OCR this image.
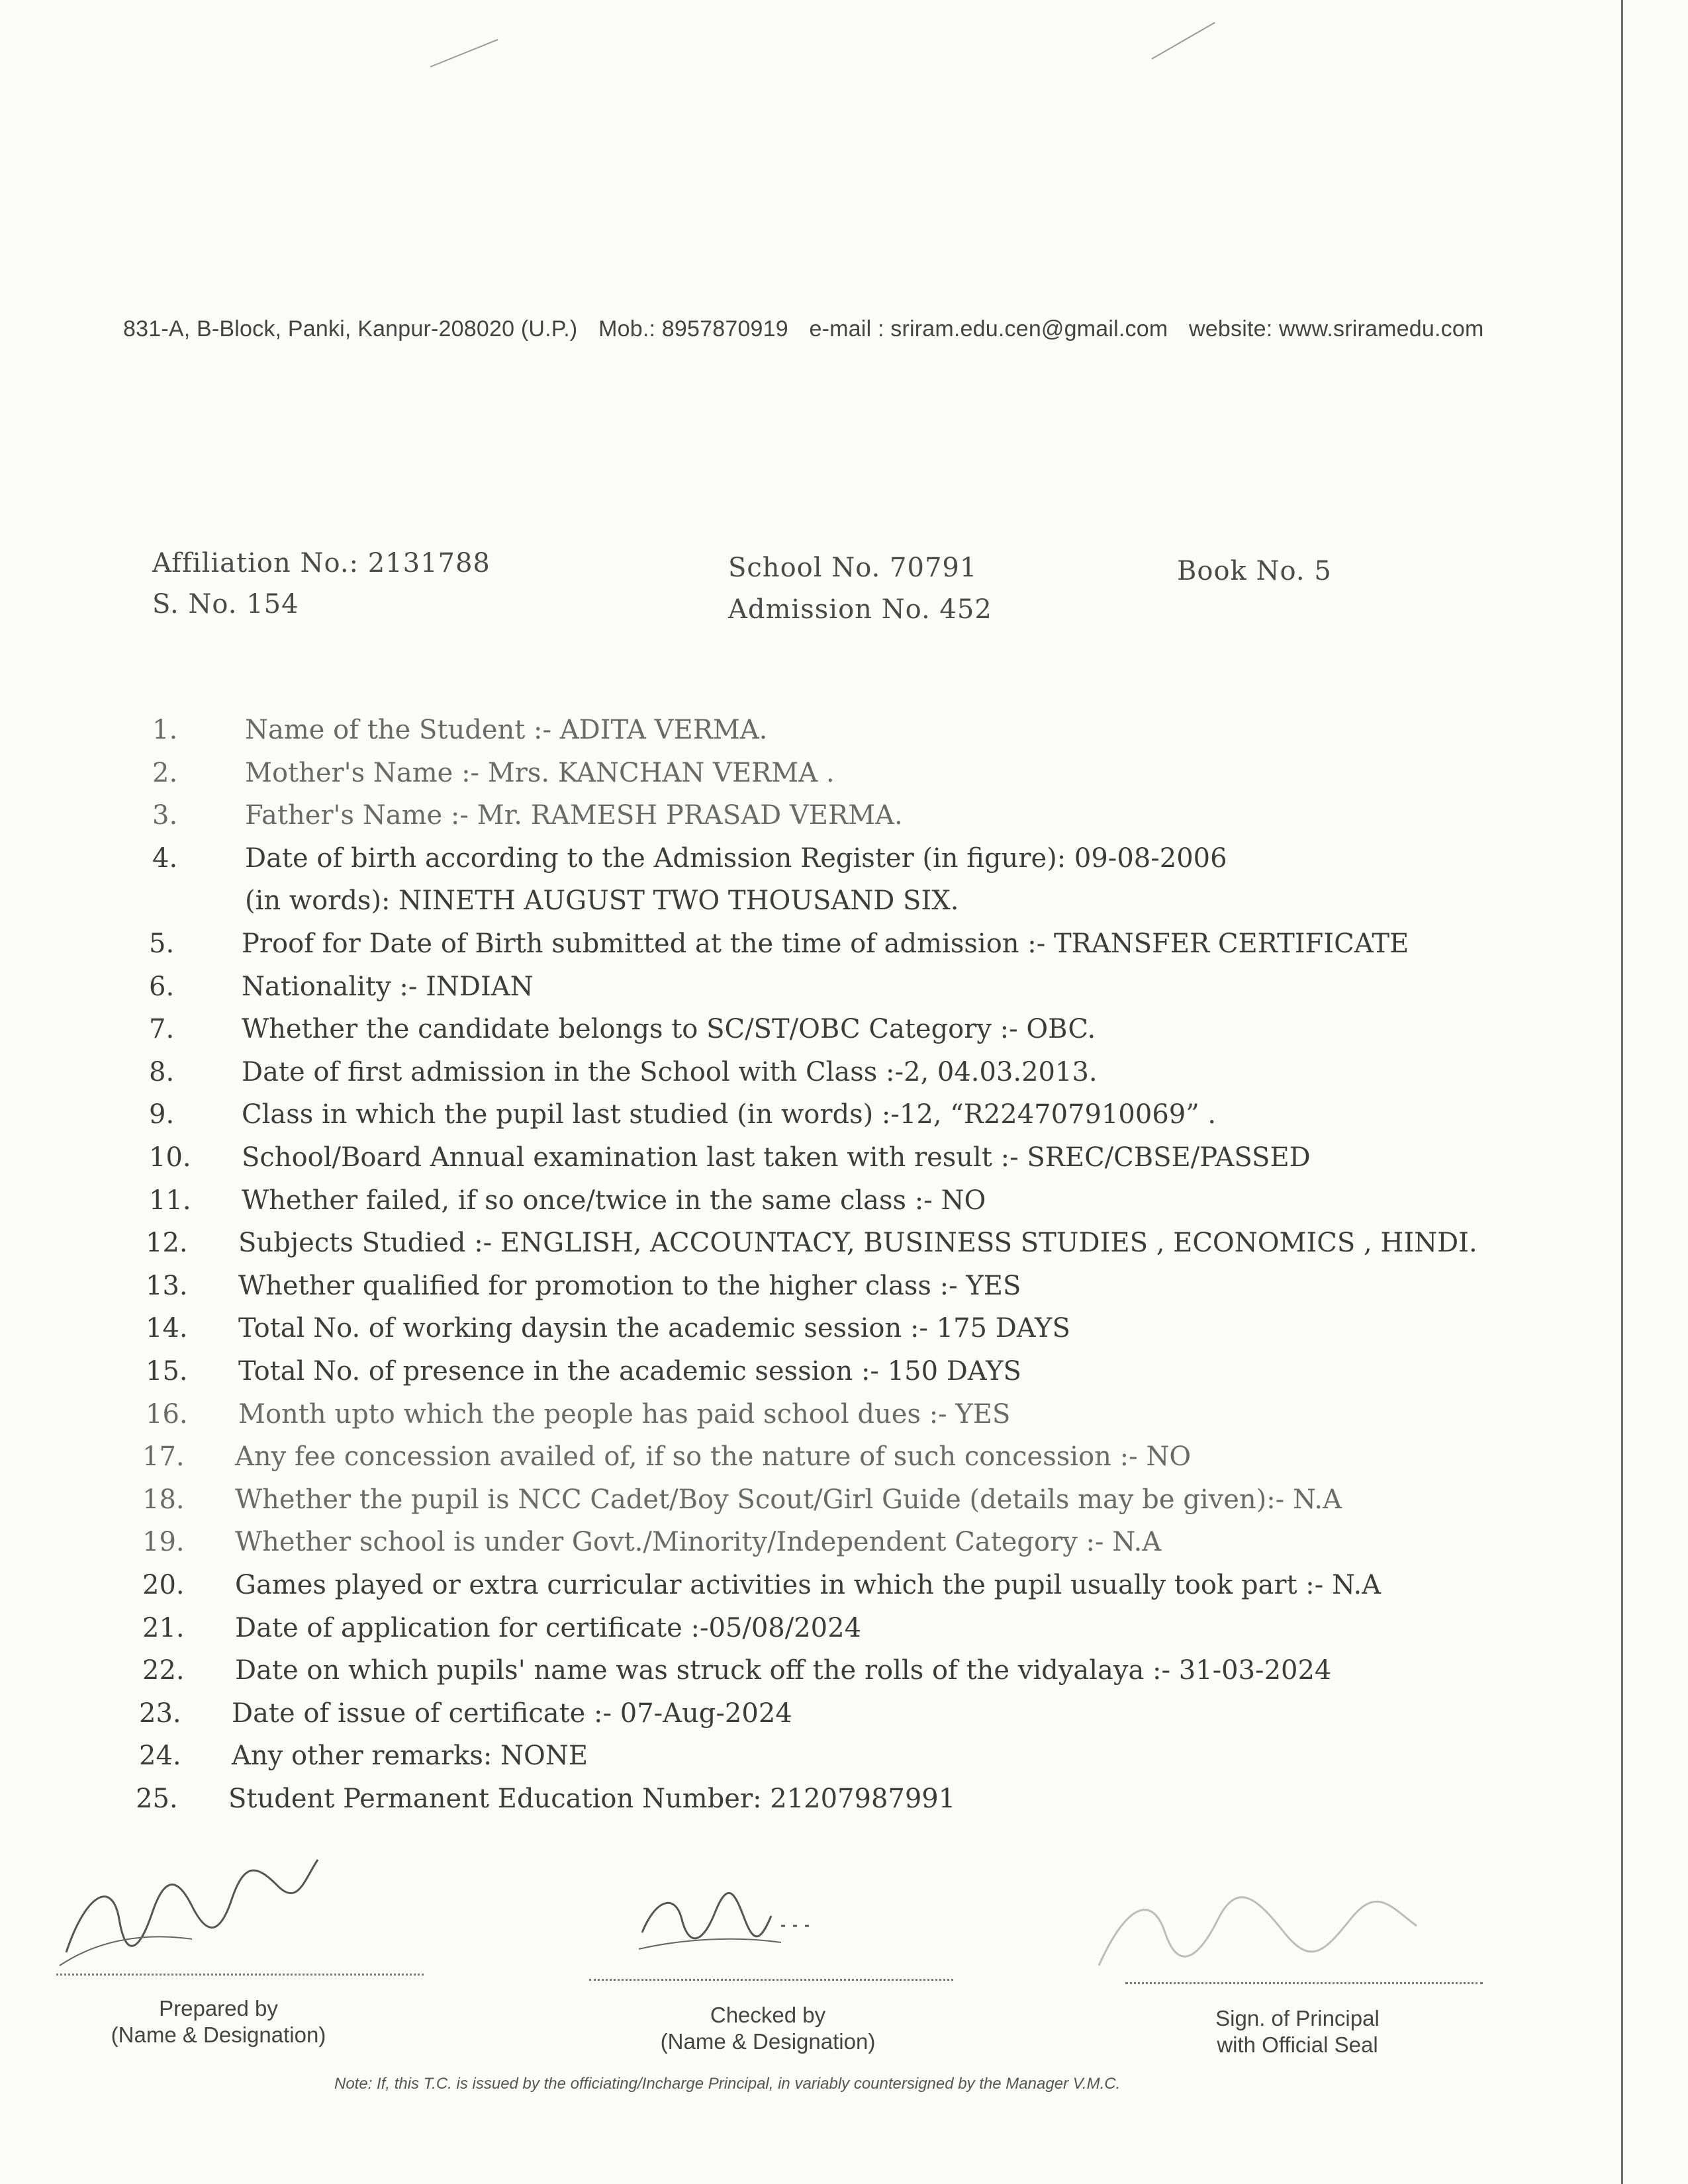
831-A, B-Block, Panki, Kanpur-208020 (U.P.) Mob.: 8957870919 e-mail : sriram.edu.cen@gmail.com website: www.sriramedu.com
Affiliation No.: 2131788
S. No. 154
School No. 70791
Admission No. 452
Book No. 5
1.	Name of the Student :- ADITA VERMA.
2.	Mother's Name :- Mrs. KANCHAN VERMA .
3.	Father's Name :- Mr. RAMESH PRASAD VERMA.
4.	Date of birth according to the Admission Register (in figure): 09-08-2006
(in words): NINETH AUGUST TWO THOUSAND SIX.
5.	Proof for Date of Birth submitted at the time of admission :- TRANSFER CERTIFICATE
6.	Nationality :- INDIAN
7.	Whether the candidate belongs to SC/ST/OBC Category :- OBC.
8.	Date of first admission in the School with Class :-2, 04.03.2013.
9.	Class in which the pupil last studied (in words) :-12, “R224707910069” .
10.	School/Board Annual examination last taken with result :- SREC/CBSE/PASSED
11.	Whether failed, if so once/twice in the same class :- NO
12.	Subjects Studied :- ENGLISH, ACCOUNTACY, BUSINESS STUDIES , ECONOMICS , HINDI.
13.	Whether qualified for promotion to the higher class :- YES
14.	Total No. of working daysin the academic session :- 175 DAYS
15.	Total No. of presence in the academic session :- 150 DAYS
16.	Month upto which the people has paid school dues :- YES
17.	Any fee concession availed of, if so the nature of such concession :- NO
18.	Whether the pupil is NCC Cadet/Boy Scout/Girl Guide (details may be given):- N.A
19.	Whether school is under Govt./Minority/Independent Category :- N.A
20.	Games played or extra curricular activities in which the pupil usually took part :- N.A
21.	Date of application for certificate :-05/08/2024
22.	Date on which pupils' name was struck off the rolls of the vidyalaya :- 31-03-2024
23.	Date of issue of certificate :- 07-Aug-2024
24.	Any other remarks: NONE
25.	Student Permanent Education Number: 21207987991
Prepared by
(Name & Designation)
Checked by
(Name & Designation)
Sign. of Principal
with Official Seal
Note: If, this T.C. is issued by the officiating/Incharge Principal, in variably countersigned by the Manager V.M.C.
